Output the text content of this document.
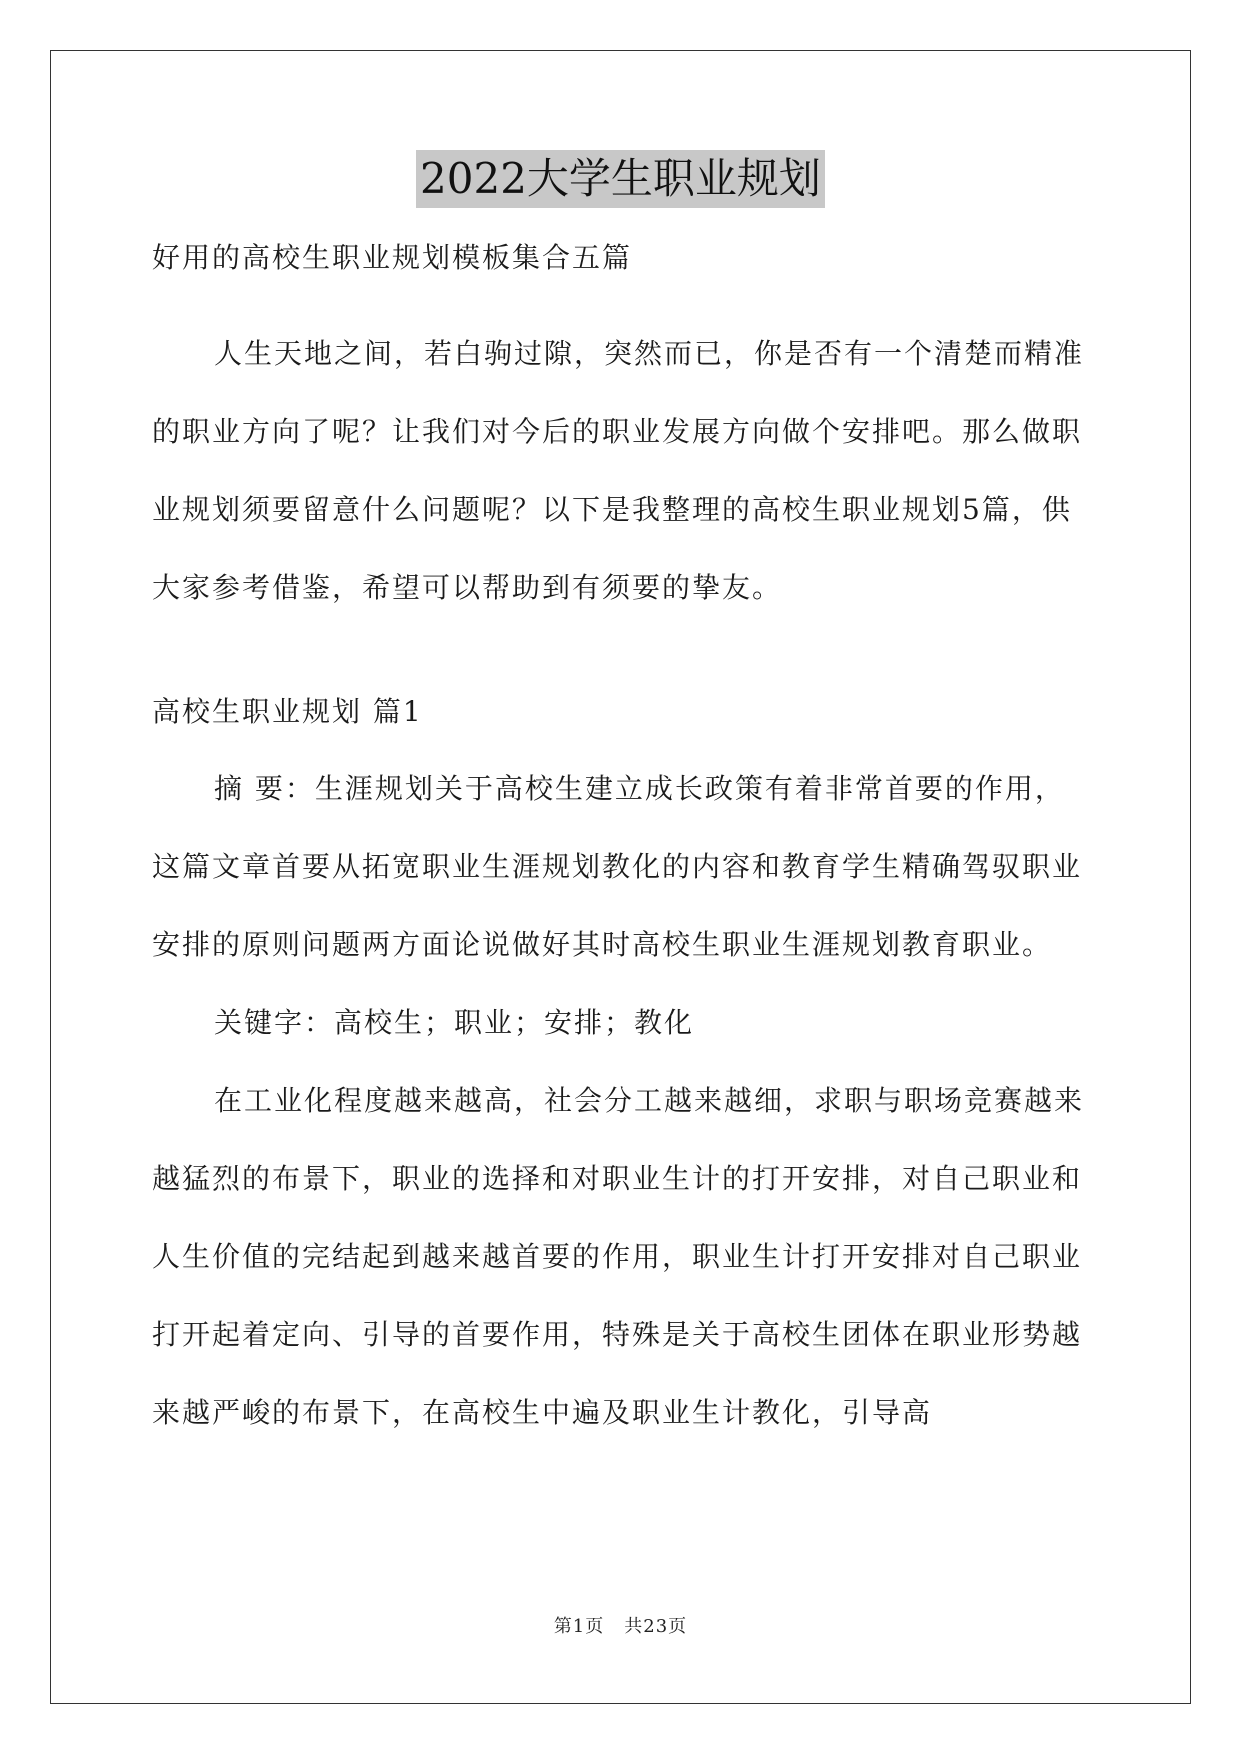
2022大学生职业规划

好用的高校生职业规划模板集合五篇

人生天地之间，若白驹过隙，突然而已，你是否有一个清楚而精准的职业方向了呢？让我们对今后的职业发展方向做个安排吧。那么做职业规划须要留意什么问题呢？以下是我整理的高校生职业规划5篇，供大家参考借鉴，希望可以帮助到有须要的挚友。

高校生职业规划 篇1

摘 要：生涯规划关于高校生建立成长政策有着非常首要的作用，这篇文章首要从拓宽职业生涯规划教化的内容和教育学生精确驾驭职业安排的原则问题两方面论说做好其时高校生职业生涯规划教育职业。

关键字：高校生；职业；安排；教化

在工业化程度越来越高，社会分工越来越细，求职与职场竞赛越来越猛烈的布景下，职业的选择和对职业生计的打开安排，对自己职业和人生价值的完结起到越来越首要的作用，职业生计打开安排对自己职业打开起着定向、引导的首要作用，特殊是关于高校生团体在职业形势越来越严峻的布景下，在高校生中遍及职业生计教化，引导高

第1页 共23页
